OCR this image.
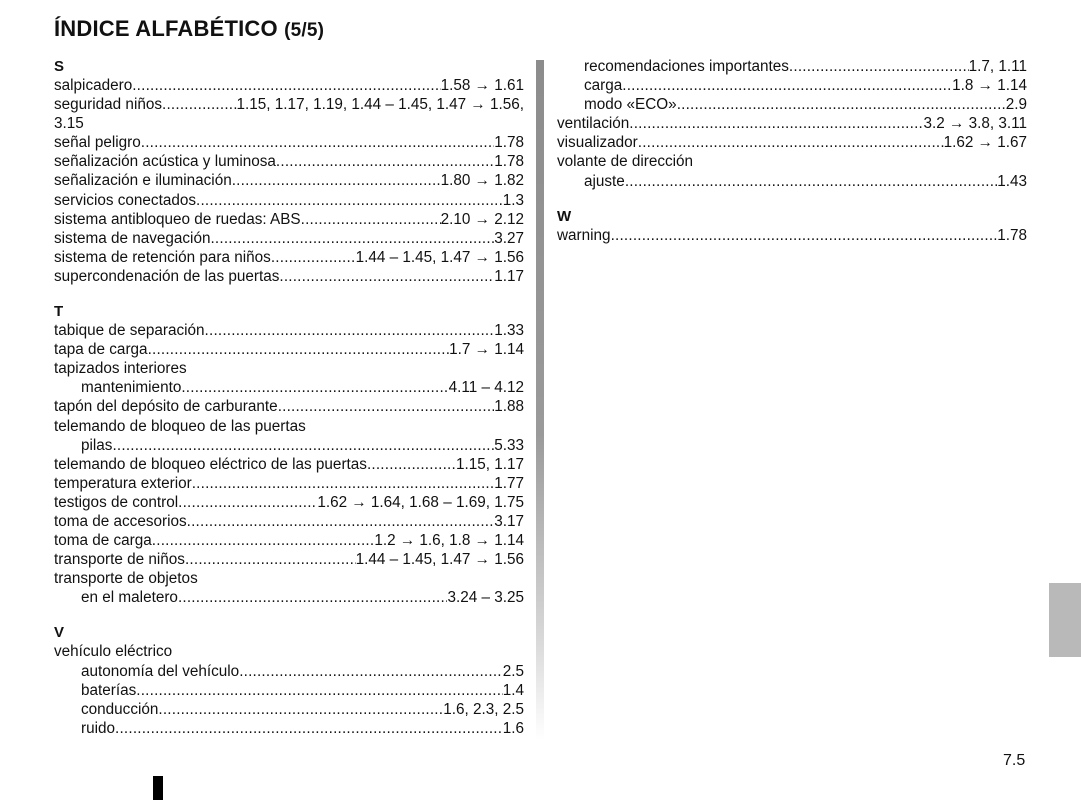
ÍNDICE ALFABÉTICO (5/5)
S
salpicadero .....	1.58 → 1.61
seguridad niños .....	1.15, 1.17, 1.19, 1.44 – 1.45, 1.47 → 1.56,
3.15
señal peligro .....	1.78
señalización acústica y luminosa .....	1.78
señalización e iluminación .....	1.80 → 1.82
servicios conectados .....	1.3
sistema antibloqueo de ruedas: ABS .....	2.10 → 2.12
sistema de navegación .....	3.27
sistema de retención para niños .....	1.44 – 1.45, 1.47 → 1.56
supercondenación de las puertas .....	1.17
T
tabique de separación .....	1.33
tapa de carga .....	1.7 → 1.14
tapizados interiores
mantenimiento .....	4.11 – 4.12
tapón del depósito de carburante .....	1.88
telemando de bloqueo de las puertas
pilas .....	5.33
telemando de bloqueo eléctrico de las puertas .....	1.15, 1.17
temperatura exterior .....	1.77
testigos de control .....	1.62 → 1.64, 1.68 – 1.69, 1.75
toma de accesorios .....	3.17
toma de carga .....	1.2 → 1.6, 1.8 → 1.14
transporte de niños .....	1.44 – 1.45, 1.47 → 1.56
transporte de objetos
en el maletero .....	3.24 – 3.25
V
vehículo eléctrico
autonomía del vehículo .....	2.5
baterías .....	1.4
conducción .....	1.6, 2.3, 2.5
ruido .....	1.6
recomendaciones importantes .....	1.7, 1.11
carga .....	1.8 → 1.14
modo «ECO» .....	2.9
ventilación .....	3.2 → 3.8, 3.11
visualizador .....	1.62 → 1.67
volante de dirección
ajuste .....	1.43
W
warning .....	1.78
7.5
